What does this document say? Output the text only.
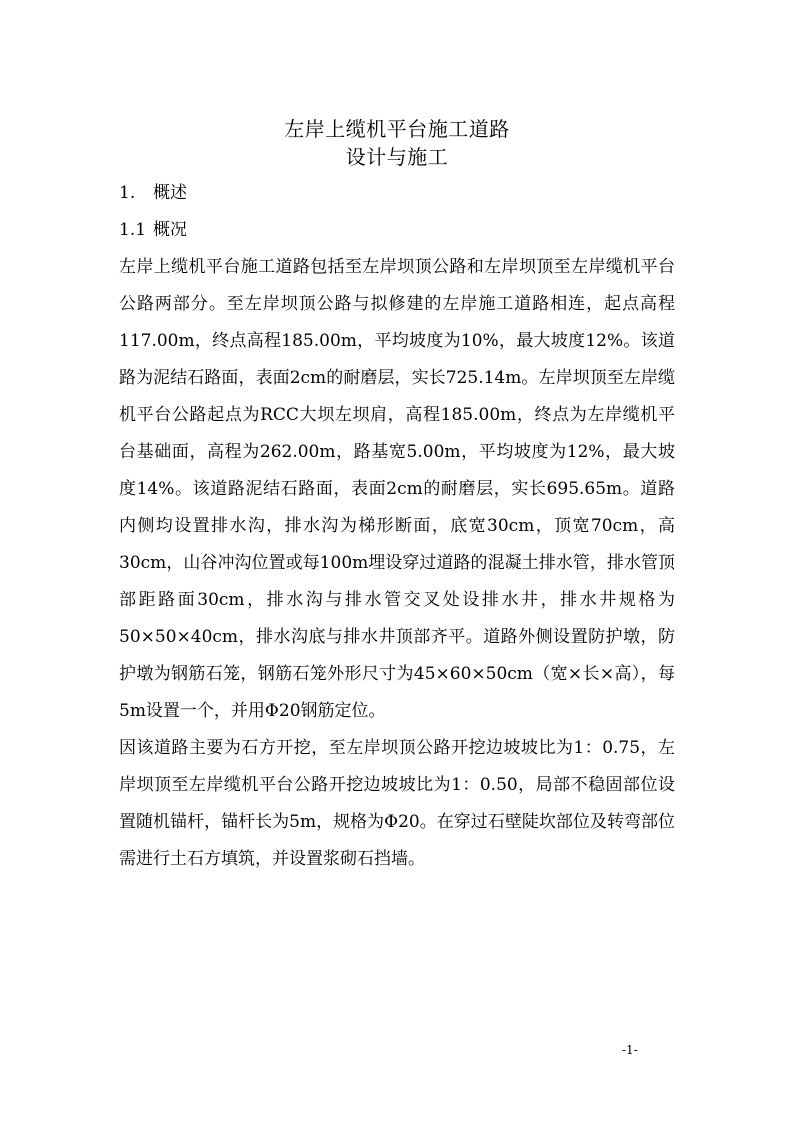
左岸上缆机平台施工道路
设计与施工
1. 概述
1.1 概况

左岸上缆机平台施工道路包括至左岸坝顶公路和左岸坝顶至左岸缆机平台公路两部分。至左岸坝顶公路与拟修建的左岸施工道路相连，起点高程117.00m，终点高程185.00m，平均坡度为10%，最大坡度12%。该道路为泥结石路面，表面2cm的耐磨层，实长725.14m。左岸坝顶至左岸缆机平台公路起点为RCC大坝左坝肩，高程185.00m，终点为左岸缆机平台基础面，高程为262.00m，路基宽5.00m，平均坡度为12%，最大坡度14%。该道路泥结石路面，表面2cm的耐磨层，实长695.65m。道路内侧均设置排水沟，排水沟为梯形断面，底宽30cm，顶宽70cm，高30cm，山谷冲沟位置或每100m埋设穿过道路的混凝土排水管，排水管顶部距路面30cm，排水沟与排水管交叉处设排水井，排水井规格为50×50×40cm，排水沟底与排水井顶部齐平。道路外侧设置防护墩，防护墩为钢筋石笼，钢筋石笼外形尺寸为45×60×50cm（宽×长×高），每5m设置一个，并用Φ20钢筋定位。

因该道路主要为石方开挖，至左岸坝顶公路开挖边坡坡比为1：0.75，左岸坝顶至左岸缆机平台公路开挖边坡坡比为1：0.50，局部不稳固部位设置随机锚杆，锚杆长为5m，规格为Φ20。在穿过石壁陡坎部位及转弯部位需进行土石方填筑，并设置浆砌石挡墙。

-1-
